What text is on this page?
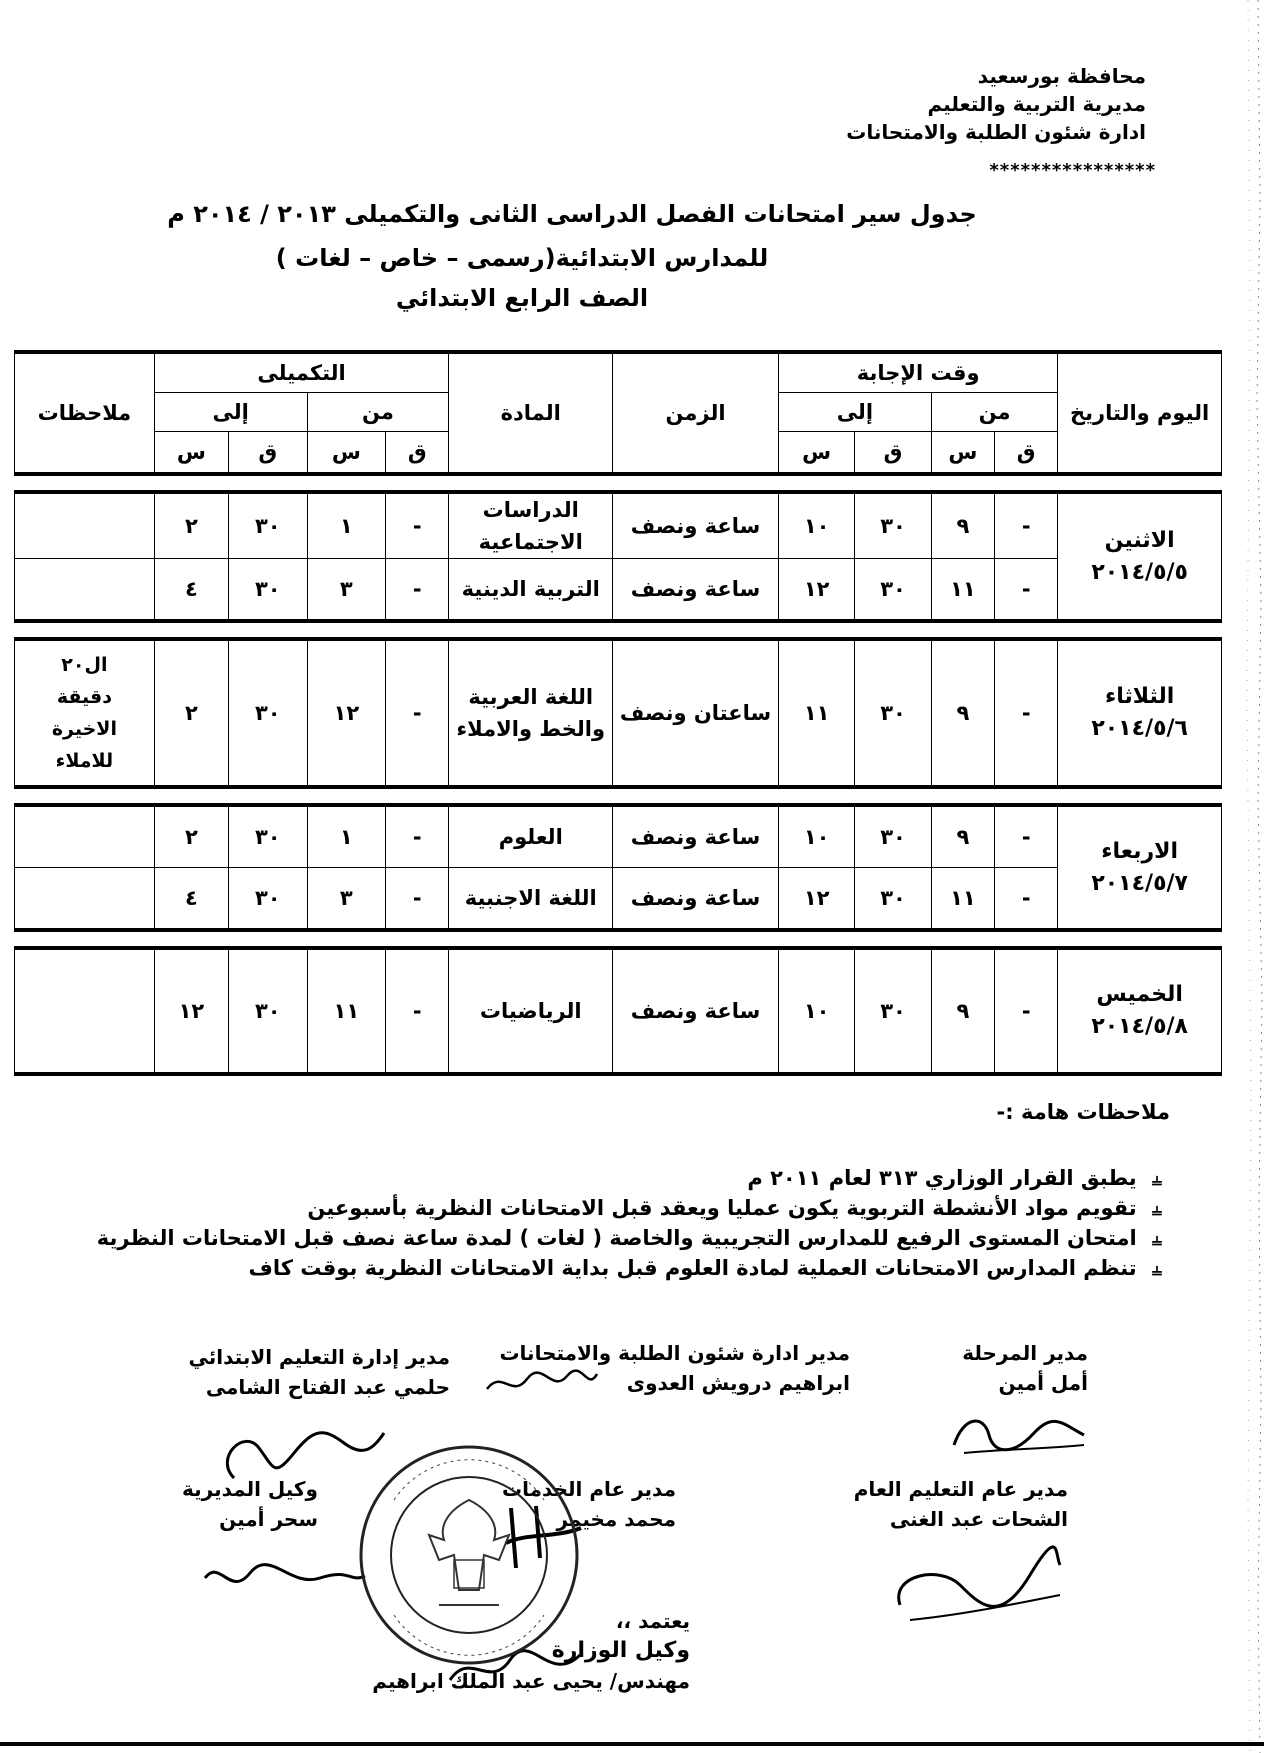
محافظة بورسعيد
مديرية التربية والتعليم
ادارة شئون الطلبة والامتحانات
****************
جدول سير امتحانات الفصل الدراسى الثانى والتكميلى ٢٠١٣ / ٢٠١٤ م
للمدارس الابتدائية(رسمى – خاص – لغات )
الصف الرابع الابتدائي
اليوم والتاريخ	وقت الإجابة				الزمن	المادة	التكميلى				ملاحظات
	من		إلى				من		إلى		
	ق	س	ق	س			ق	س	ق	س	

الاثنين
٢٠١٤/٥/٥	-	٩	٣٠	١٠	ساعة ونصف	الدراسات الاجتماعية	-	١	٣٠	٢	
	-	١١	٣٠	١٢	ساعة ونصف	التربية الدينية	-	٣	٣٠	٤	

الثلاثاء
٢٠١٤/٥/٦	-	٩	٣٠	١١	ساعتان ونصف	اللغة العربية والخط والاملاء	-	١٢	٣٠	٢	ال٢٠ دقيقة الاخيرة للاملاء

الاربعاء
٢٠١٤/٥/٧	-	٩	٣٠	١٠	ساعة ونصف	العلوم	-	١	٣٠	٢	
	-	١١	٣٠	١٢	ساعة ونصف	اللغة الاجنبية	-	٣	٣٠	٤	

الخميس
٢٠١٤/٥/٨	-	٩	٣٠	١٠	ساعة ونصف	الرياضيات	-	١١	٣٠	١٢	
ملاحظات هامة :-
⫨ يطبق القرار الوزاري ٣١٣ لعام ٢٠١١ م
⫨ تقويم مواد الأنشطة التربوية يكون عمليا ويعقد قبل الامتحانات النظرية بأسبوعين
⫨ امتحان المستوى الرفيع للمدارس التجريبية والخاصة ( لغات ) لمدة ساعة نصف قبل الامتحانات النظرية
⫨ تنظم المدارس الامتحانات العملية لمادة العلوم قبل بداية الامتحانات النظرية بوقت كاف
مدير المرحلة
أمل أمين
مدير ادارة شئون الطلبة والامتحانات
ابراهيم درويش العدوى
مدير إدارة التعليم الابتدائي
حلمي عبد الفتاح الشامى
مدير عام التعليم العام
الشحات عبد الغنى
مدير عام الخدمات
محمد مخيمر
وكيل المديرية
سحر أمين
يعتمد ،،
وكيل الوزارة
مهندس/ يحيى عبد الملك ابراهيم
